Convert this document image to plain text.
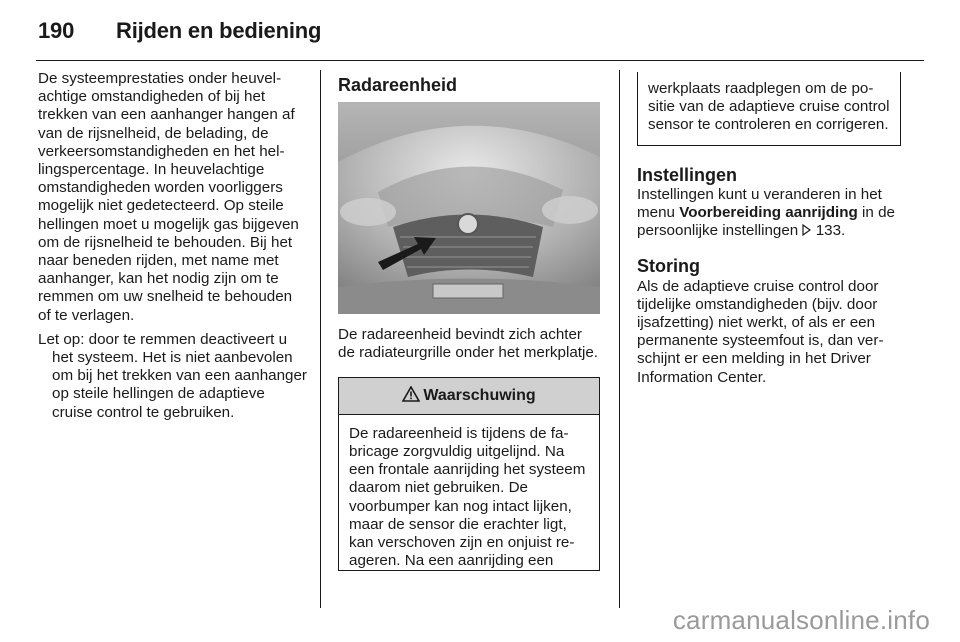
190 Rijden en bediening

De systeemprestaties onder heuvelachtige omstandigheden of bij het trekken van een aanhanger hangen af van de rijsnelheid, de belading, de verkeersomstandigheden en het hellingspercentage. In heuvelachtige omstandigheden worden voorliggers mogelijk niet gedetecteerd. Op steile hellingen moet u mogelijk gas bijgeven om de rijsnelheid te behouden. Bij het naar beneden rijden, met name met aanhanger, kan het nodig zijn om te remmen om uw snelheid te behouden of te verlagen.

Let op: door te remmen deactiveert u het systeem. Het is niet aanbevolen om bij het trekken van een aanhanger op steile hellingen de adaptieve cruise control te gebruiken.

Radareenheid

De radareenheid bevindt zich achter de radiateurgrille onder het merkplatje.

Waarschuwing
De radareenheid is tijdens de fabricage zorgvuldig uitgelijnd. Na een frontale aanrijding het systeem daarom niet gebruiken. De voorbumper kan nog intact lijken, maar de sensor die erachter ligt, kan verschoven zijn en onjuist reageren. Na een aanrijding een
werkplaats raadplegen om de positie van de adaptieve cruise control sensor te controleren en corrigeren.
Instellingen

Instellingen kunt u veranderen in het menu Voorbereiding aanrijding in de persoonlijke instellingen  133.

Storing

Als de adaptieve cruise control door tijdelijke omstandigheden (bijv. door ijsafzetting) niet werkt, of als er een permanente systeemfout is, dan verschijnt er een melding in het Driver Information Center.

carmanualsonline.info
